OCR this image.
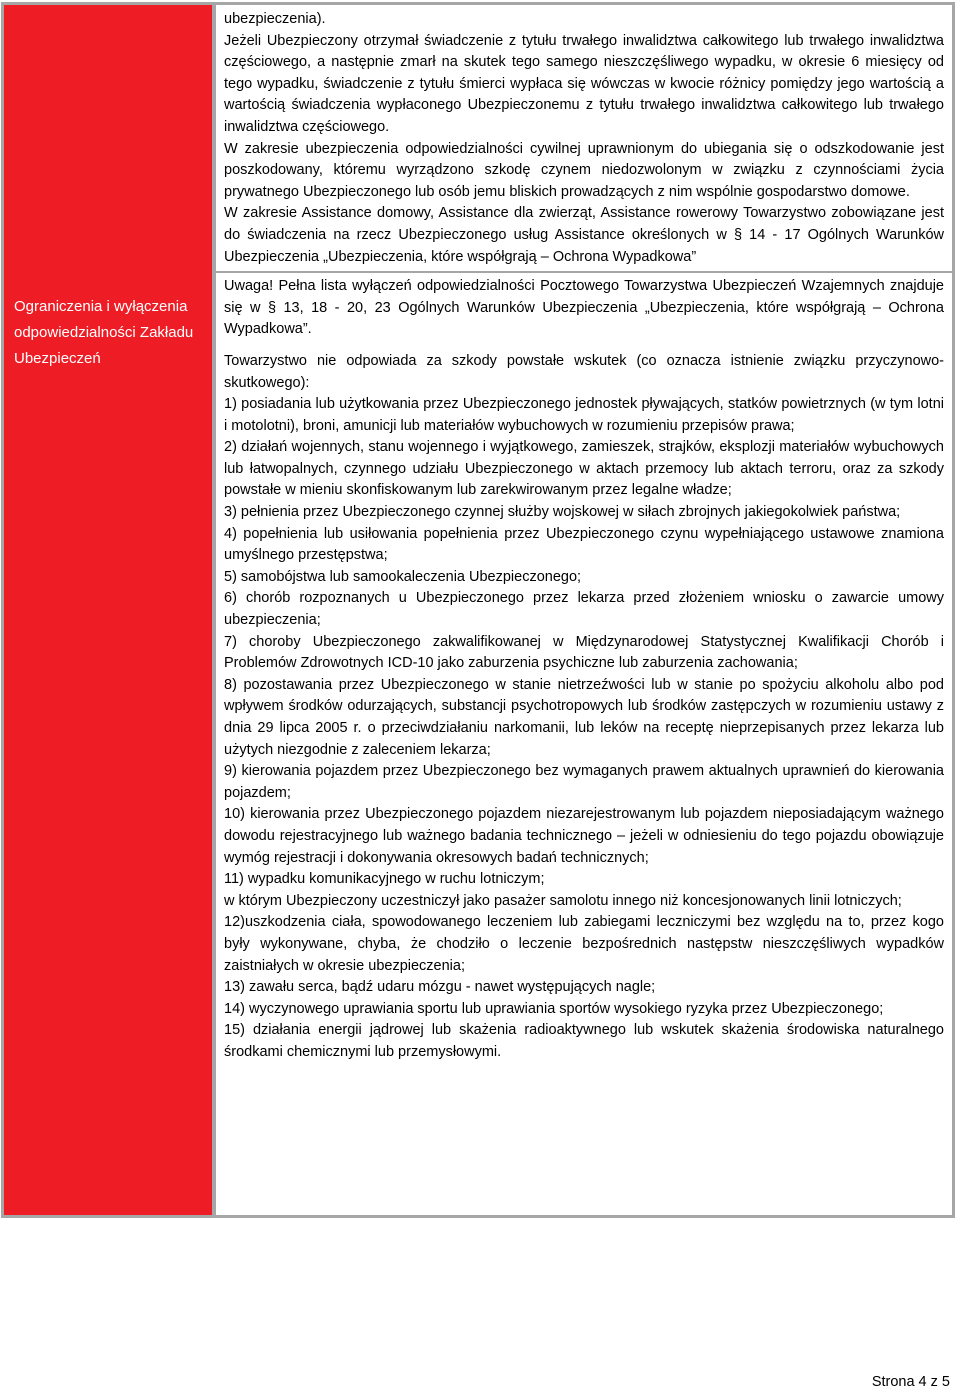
Ograniczenia i wyłączenia odpowiedzialności Zakładu Ubezpieczeń

ubezpieczenia).

Jeżeli Ubezpieczony otrzymał świadczenie z tytułu trwałego inwalidztwa całkowitego lub trwałego inwalidztwa częściowego, a następnie zmarł na skutek tego samego nieszczęśliwego wypadku, w okresie 6 miesięcy od tego wypadku, świadczenie z tytułu śmierci wypłaca się wówczas w kwocie różnicy pomiędzy jego wartością a wartością świadczenia wypłaconego Ubezpieczonemu z tytułu trwałego inwalidztwa całkowitego lub trwałego inwalidztwa częściowego.

W zakresie ubezpieczenia odpowiedzialności cywilnej uprawnionym do ubiegania się o odszkodowanie jest poszkodowany, któremu wyrządzono szkodę czynem niedozwolonym w związku z czynnościami życia prywatnego Ubezpieczonego lub osób jemu bliskich prowadzących z nim wspólnie gospodarstwo domowe.

W zakresie Assistance domowy, Assistance dla zwierząt, Assistance rowerowy Towarzystwo zobowiązane jest do świadczenia na rzecz Ubezpieczonego usług Assistance określonych w § 14 - 17 Ogólnych Warunków Ubezpieczenia „Ubezpieczenia, które współgrają – Ochrona Wypadkowa”

Uwaga! Pełna lista wyłączeń odpowiedzialności Pocztowego Towarzystwa Ubezpieczeń Wzajemnych znajduje się w § 13, 18 - 20, 23 Ogólnych Warunków Ubezpieczenia „Ubezpieczenia, które współgrają – Ochrona Wypadkowa”.

Towarzystwo nie odpowiada za szkody powstałe wskutek (co oznacza istnienie związku przyczynowo-skutkowego):

1) posiadania lub użytkowania przez Ubezpieczonego jednostek pływających, statków powietrznych (w tym lotni i motolotni), broni, amunicji lub materiałów wybuchowych w rozumieniu przepisów prawa;

2) działań wojennych, stanu wojennego i wyjątkowego, zamieszek, strajków, eksplozji materiałów wybuchowych lub łatwopalnych, czynnego udziału Ubezpieczonego w aktach przemocy lub aktach terroru, oraz za szkody powstałe w mieniu skonfiskowanym lub zarekwirowanym przez legalne władze;

3) pełnienia przez Ubezpieczonego czynnej służby wojskowej w siłach zbrojnych jakiegokolwiek państwa;

4) popełnienia lub usiłowania popełnienia przez Ubezpieczonego czynu wypełniającego ustawowe znamiona umyślnego przestępstwa;

5) samobójstwa lub samookaleczenia Ubezpieczonego;

6) chorób rozpoznanych u Ubezpieczonego przez lekarza przed złożeniem wniosku o zawarcie umowy ubezpieczenia;

7) choroby Ubezpieczonego zakwalifikowanej w Międzynarodowej Statystycznej Kwalifikacji Chorób i Problemów Zdrowotnych ICD-10 jako zaburzenia psychiczne lub zaburzenia zachowania;

8) pozostawania przez Ubezpieczonego w stanie nietrzeźwości lub w stanie po spożyciu alkoholu albo pod wpływem środków odurzających, substancji psychotropowych lub środków zastępczych w rozumieniu ustawy z dnia 29 lipca 2005 r. o przeciwdziałaniu narkomanii, lub leków na receptę nieprzepisanych przez lekarza lub użytych niezgodnie z zaleceniem lekarza;

9) kierowania pojazdem przez Ubezpieczonego bez wymaganych prawem aktualnych uprawnień do kierowania pojazdem;

10) kierowania przez Ubezpieczonego pojazdem niezarejestrowanym lub pojazdem nieposiadającym ważnego dowodu rejestracyjnego lub ważnego badania technicznego – jeżeli w odniesieniu do tego pojazdu obowiązuje wymóg rejestracji i dokonywania okresowych badań technicznych;

11) wypadku komunikacyjnego w ruchu lotniczym;

w którym Ubezpieczony uczestniczył jako pasażer samolotu innego niż koncesjonowanych linii lotniczych;

12)uszkodzenia ciała, spowodowanego leczeniem lub zabiegami leczniczymi bez względu na to, przez kogo były wykonywane, chyba, że chodziło o leczenie bezpośrednich następstw nieszczęśliwych wypadków zaistniałych w okresie ubezpieczenia;

13) zawału serca, bądź udaru mózgu - nawet występujących nagle;

14) wyczynowego uprawiania sportu lub uprawiania sportów wysokiego ryzyka przez Ubezpieczonego;

15) działania energii jądrowej lub skażenia radioaktywnego lub wskutek skażenia środowiska naturalnego środkami chemicznymi lub przemysłowymi.

Strona 4 z 5
